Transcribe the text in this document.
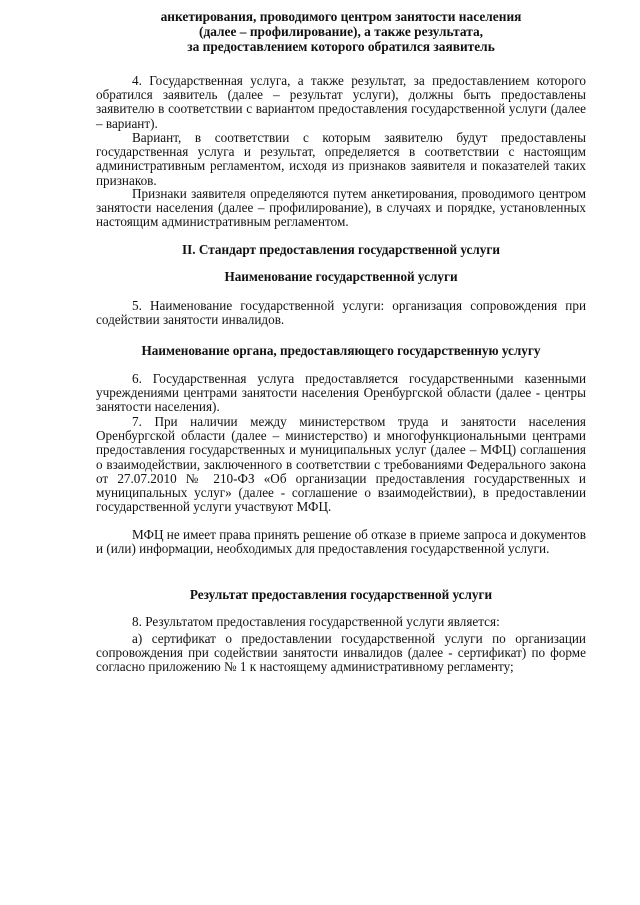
анкетирования, проводимого центром занятости населения

(далее – профилирование), а также результата,

за предоставлением которого обратился заявитель

4. Государственная услуга, а также результат, за предоставлением которого обратился заявитель (далее – результат услуги), должны быть предоставлены заявителю в соответствии с вариантом предоставления государственной услуги (далее – вариант).

Вариант, в соответствии с которым заявителю будут предоставлены государственная услуга и результат, определяется в соответствии с настоящим административным регламентом, исходя из признаков заявителя и показателей таких признаков.

Признаки заявителя определяются путем анкетирования, проводимого центром занятости населения (далее – профилирование), в случаях и порядке, установленных настоящим административным регламентом.

II. Стандарт предоставления государственной услуги

Наименование государственной услуги

5. Наименование государственной услуги: организация сопровождения при содействии занятости инвалидов.

Наименование органа, предоставляющего государственную услугу

6. Государственная услуга предоставляется государственными казенными учреждениями центрами занятости населения Оренбургской области (далее - центры занятости населения).

7. При наличии между министерством труда и занятости населения Оренбургской области (далее – министерство) и многофункциональными центрами предоставления государственных и муниципальных услуг (далее – МФЦ) соглашения о взаимодействии, заключенного в соответствии с требованиями Федерального закона от 27.07.2010 № 210-ФЗ «Об организации предоставления государственных и муниципальных услуг» (далее - соглашение о взаимодействии), в предоставлении государственной услуги участвуют МФЦ.

МФЦ не имеет права принять решение об отказе в приеме запроса и документов и (или) информации, необходимых для предоставления государственной услуги.

Результат предоставления государственной услуги

8. Результатом предоставления государственной услуги является:

а) сертификат о предоставлении государственной услуги по организации сопровождения при содействии занятости инвалидов (далее - сертификат) по форме согласно приложению № 1 к настоящему административному регламенту;
